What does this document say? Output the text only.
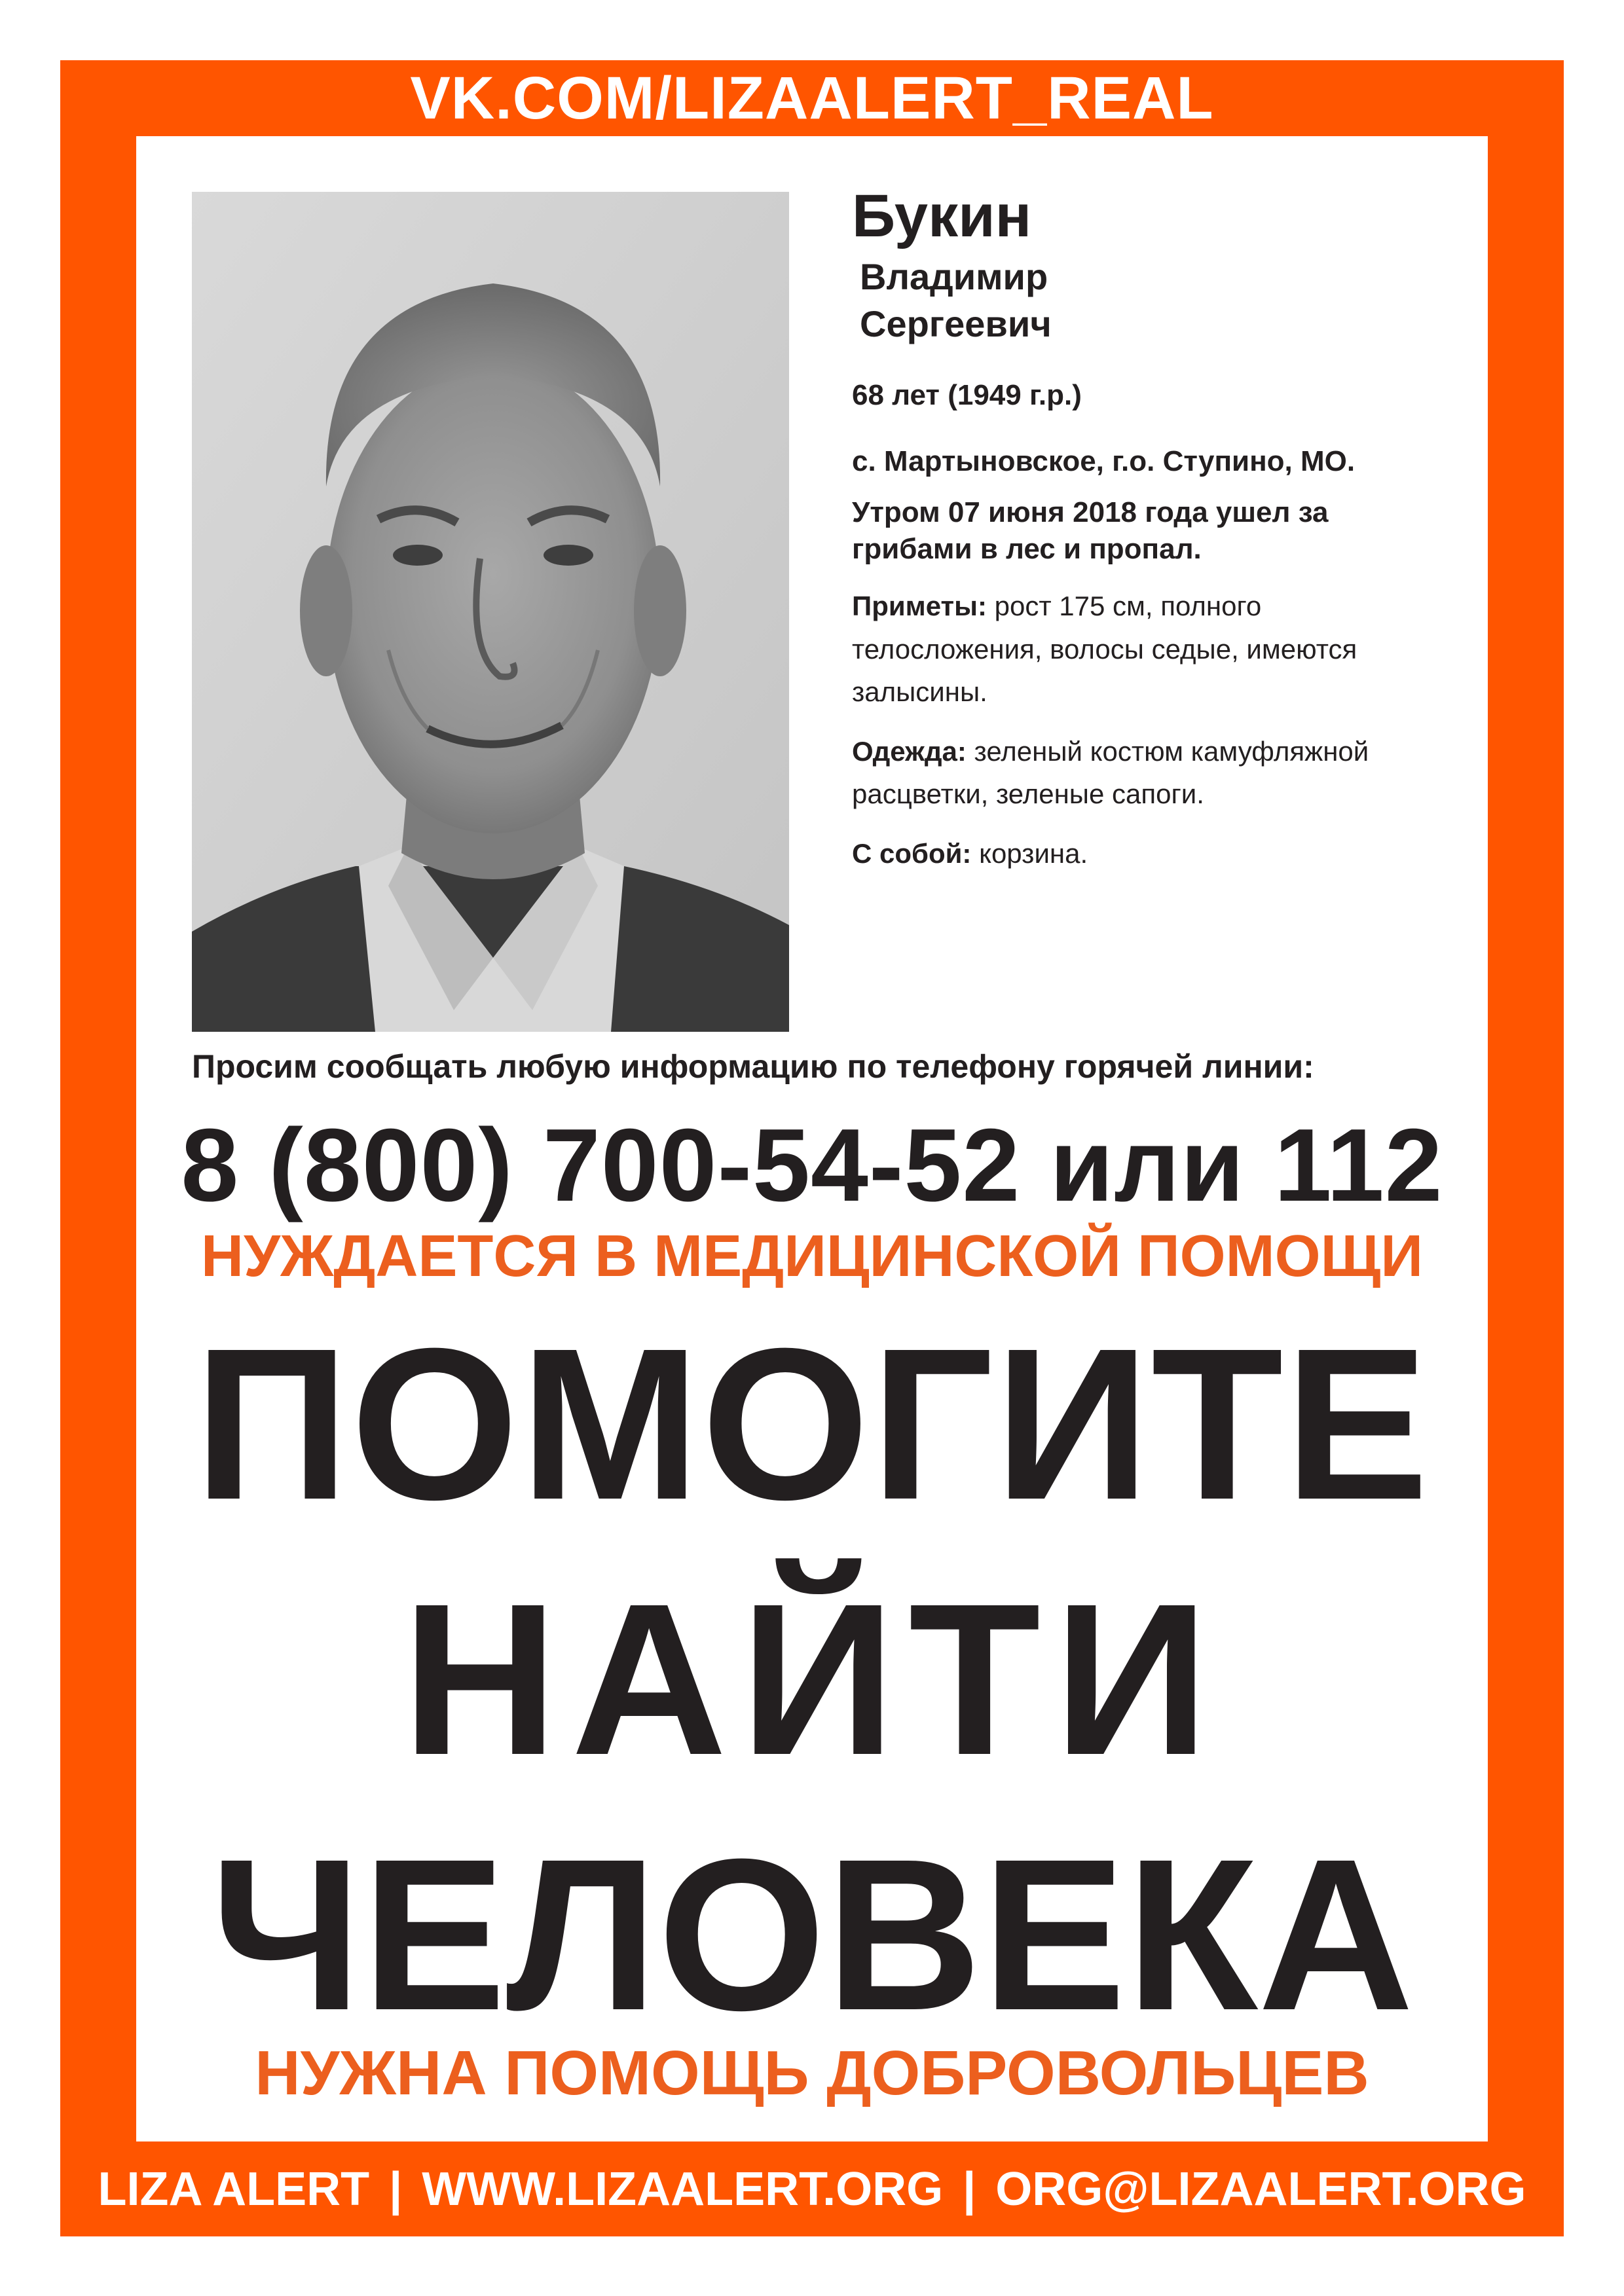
VK.COM/LIZAALERT_REAL
Букин
Владимир
Сергеевич
68 лет (1949 г.р.)
с. Мартыновское, г.о. Ступино, МО.
Утром 07 июня 2018 года ушел за грибами в лес и пропал.
Приметы: рост 175 см, полного телосложения, волосы седые, имеются залысины.
Одежда: зеленый костюм камуфляжной расцветки, зеленые сапоги.
С собой: корзина.
Просим сообщать любую информацию по телефону горячей линии:
8 (800) 700-54-52 или 112
НУЖДАЕТСЯ В МЕДИЦИНСКОЙ ПОМОЩИ
ПОМОГИТЕ
НАЙТИ
ЧЕЛОВЕКА
НУЖНА ПОМОЩЬ ДОБРОВОЛЬЦЕВ
LIZA ALERT | WWW.LIZAALERT.ORG | ORG@LIZAALERT.ORG
